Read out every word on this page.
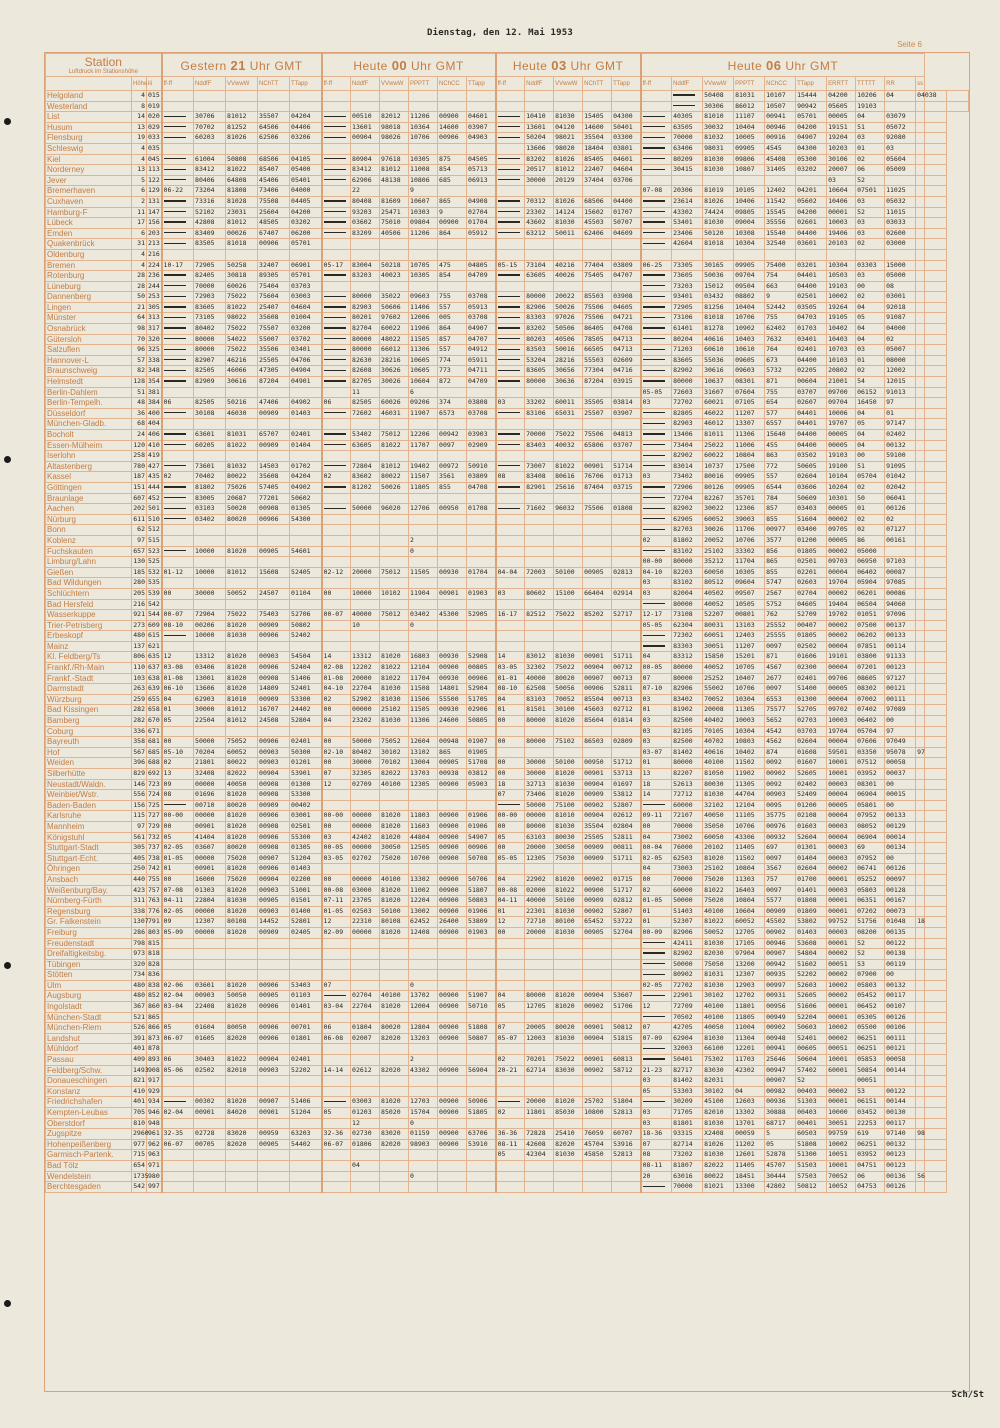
Dienstag, den 12. Mai 1953
Seite 6
Station
Luftdruck im Stationshöhe			Gestern 21 Uhr GMT					Heute 00 Uhr GMT						Heute 03 Uhr GMT					Heute 06 Uhr GMT											
	Höhe	iii	ff-ff	NddfF	VVwwW	NChTT	TTapp	ff-ff	NddfF	VVwwW	PPPTT	NChCC	TTapp	ff-ff	NddfF	VVwwW	NChTT	TTapp	ff-ff	NddfF	VVwwW	PPPTT	NChCC	TTapp	ERRTT	TTTTT	RR	ss		
Helgoland	4	015																			50408	81031	10107	15444	04200	10206	04	04038		
Westerland	8	019																			30306	86012	10507	90942	05605	19103				
List	14	020		30706	81012	35507	04204		00510	82012	11206	00900	04601		10410	81030	15405	04300		40305	81010	11107	00941	05701	00005	04	03079			
Husum	13	029		70702	81252	64506	04406		13601	98018	10364	14600	03907		13601	04120	14600	50401		63505	30032	10404	00946	04200	19151	51	05072			
Flensburg	19	033		60203	81026	62506	03206		00904	98026	10706	00906	04903		50204	98021	35504	03300		70000	81032	10005	00916	04907	19204	03	92080			
Schleswig	4	035													13606	98020	18404	03801		63406	98031	09905	4545	04300	10203	01	03			
Kiel	4	045		61004	50808	68506	04105		80904	97618	10305	875	04505		83202	81026	85405	04601		80209	81030	09806	45408	05300	30106	02	05604			
Norderney	13	113		83412	81022	85407	05400		83412	81012	11008	854	05713		20517	81012	22407	04604		30415	81030	10807	31405	03202	20007	06	05009			
Jever	5	122		80406	64808	45406	05401		62906	48138	10806	685	06913		30000	20129	37404	03706							03	52				
Bremerhaven	6	129	06-22	73204	81808	73406	04000		22		9								07-08	20306	81019	10105	12402	04201	10604	07501	11025			
Cuxhaven	2	131		73316	81028	75508	04405		80408	81609	10607	865	04908		70312	81026	68506	04400		23614	81026	10406	11542	05602	10406	03	05032			
Hamburg-F	11	147		52102	23031	25604	04200		93203	25471	10303	9	02704		23302	14124	15602	01707		43302	74424	09805	15545	04200	00001	52	11015			
Lübeck	17	156		42808	81012	48505	03202		03602	75010	09804	00900	01704		43602	81030	45503	50707		53401	81030	09004	35556	02601	10003	03	03033			
Emden	6	203		83409	00026	67407	06200		83209	40506	11206	864	05912		63212	50011	62406	04609		23406	50120	10308	15540	04400	19406	03	02600			
Quakenbrück	31	213		83505	81018	00906	05701													42604	81018	10304	32540	03601	20103	02	03000			
Oldenburg	4	216																												
Bremen	4	224	10-17	72905	50258	32407	06901	05-17	83004	50218	10705	475	04805	05-15	73104	40216	77404	03809	06-25	73305	30165	09905	75400	03201	10304	03303	15000			
Rotenburg	28	236		82405	30818	89305	05701		83203	40023	10305	854	04709		63605	40026	75405	04707		73605	50036	09704	754	04401	10503	03	05000			
Lüneburg	28	244		70000	60026	75404	03703													73203	15012	09504	663	04400	19103	00	08			
Dannenberg	50	253		72903	75022	75604	03003		80000	35022	09603	755	03708		80000	20022	85503	03908		93401	03432	08802	9	02501	10002	02	03001			
Lingen	21	305		83605	81022	25407	04604		82903	50606	11406	557	05913		82906	50026	75506	04605		72905	81256	10404	52442	03505	19264	04	92018			
Münster	64	313		73105	98022	35608	01004		80201	97602	12006	005	03708		83303	97026	75506	04721		73106	81018	10706	755	04703	19105	05	91087			
Osnabrück	98	317		80402	75022	75507	03200		82704	60022	11906	864	04907		83202	50506	86405	04708		61401	81278	10902	62402	01703	10402	04	04000			
Gütersloh	70	320		80000	54022	55007	03702		80000	48022	11505	857	04707		80203	40506	78505	04713		80204	40616	10403	7632	03401	10403	04	02			
Salzuflen	96	325		80000	75022	35506	03401		80000	66012	11306	557	04912		83503	50016	66505	04713		71203	60610	10610	764	02401	10703	03	05007			
Hannover-L	57	338		82907	46216	25505	04706		82630	28216	10605	774	05911		53204	28216	55503	02609		83605	55036	09605	673	04400	10103	01	08000			
Braunschweig	82	348		82505	46066	47305	04904		82608	30626	10605	773	04711		83605	30656	77304	04716		82902	30616	09603	5732	02205	20802	02	12002			
Helmstedt	128	354		82909	30616	87204	04901		82705	30026	10604	872	04709		80000	30636	87204	03915		80000	10637	08301	871	00604	21001	54	12015			
Berlin-Dahlem	51	381							11		6								05-05	72603	31607	07604	755	03707	09700	06152	91013			
Berlin-Tempelh.	48	384	06	82505	50216	47406	04902	06	82505	60026	09206	374	03808	03	33202	60011	35505	03814	03	72702	60021	07105	654	02607	09704	16450	97			
Düsseldorf	36	400		30108	46030	00909	01403		72602	46031	11907	6573	03708		83106	65031	25507	03907		82805	46022	11207	577	04401	10006	04	01			
München-Gladb.	68	404																		82903	46012	13307	6557	04401	19707	05	97147			
Bocholt	24	406		63601	81031	65707	02401		53402	75012	12206	00942	03903		70000	75022	75506	04813		13406	81011	11306	15640	04400	00005	04	02402			
Essen-Mülheim	120	410		60205	81022	00909	01404		63605	81022	11707	0097	02909		83403	40032	65806	03707		73404	25022	11006	455	04400	00005	04	00132			
Iserlohn	258	419																		82902	60022	10804	863	03502	19103	00	59100			
Altastenberg	780	427		73601	81032	14503	01702		72804	81012	19402	00972	50910		73007	81022	00901	51714		83014	10737	17500	772	50605	19100	51	91095			
Kassel	187	435	02	70402	80022	35608	04204	02	83602	80022	11507	3561	03809	08	83408	80616	76706	01713	03	73402	80016	09905	557	02604	10104	05704	01042			
Göttingen	151	444		81802	75026	57405	04902		81202	50026	11805	855	04708		82901	25616	87404	03715		72906	80126	09905	6544	03606	10204	02	02042			
Braunlage	607	452		83005	20687	77201	50602													72704	82267	35701	784	50609	10301	50	06041			
Aachen	202	501		03103	50020	00908	01305		50000	96020	12706	00950	01708		71602	96032	75506	01808		82902	30022	12306	857	03403	00005	01	00126			
Nürburg	611	510		03402	80020	00906	54300													62905	60052	39003	855	51604	00002	02	02			
Bonn	62	512																		82703	30026	11706	00977	03400	09705	02	07127			
Koblenz	97	515									2								02	81802	20052	10706	3577	01200	00005	86	00161			
Fuchskauten	657	523		10000	81020	00905	54601				0									83102	25102	33302	856	01805	00002	05000				
Limburg/Lahn	130	525																	00-00	80000	35212	11704	865	02501	09703	06950	97103			
Gießen	185	532	01-12	10000	81012	15608	52405	02-12	20000	75012	11505	00930	01704	04-04	72003	50100	00905	02813	04-10	82203	60050	10305	855	02201	00004	06402	00087			
Bad Wildungen	280	535																	03	83102	80512	09604	5747	02603	19704	05904	97085			
Schlüchtern	205	539	00	30000	50052	24507	01104	00	10000	10102	11904	00901	01903	03	80602	15100	66404	02914	03	82004	40502	09507	2567	02704	00002	06201	00086			
Bad Hersfeld	216	542																		80000	40052	10505	5752	04605	19404	06504	94060			
Wasserkuppe	921	544	00-07	72904	75022	75403	52706	00-07	40000	75012	03402	45300	52905	16-17	82512	75022	85202	52717	12-17	73108	52207	00801	762	52709	19702	01051	97096			
Trier-Petrisberg	273	609	08-10	00206	81020	00909	50802		10		0								05-05	62304	80031	13103	25552	00407	00002	07500	00137			
Erbeskopf	480	615		10000	81030	00906	52402													72302	60051	12403	25555	01805	00002	06202	00133			
Mainz	137	621																		83303	30051	11207	0097	02502	00004	07851	00114			
Kl. Feldberg/Ts	806	635	12	13312	81020	00903	54504	14	13312	81020	16803	00930	52908	14	83012	81030	00901	51711	04	83312	15850	15201	871	01606	19101	03800	91133			
Frankf./Rh-Main	110	637	03-08	03406	81020	00906	52404	02-08	12202	81022	12104	00900	00805	03-05	32302	75022	00904	00712	00-05	80000	40052	10705	4567	02300	00004	07201	00123			
Frankf.-Stadt	103	638	01-08	13001	81020	00908	51406	01-08	20000	81022	11704	00930	00906	01-01	40000	80020	00907	00713	07	80000	25252	10407	2677	02401	09706	08605	97127			
Darmstadt	263	639	06-10	13606	81020	14809	52401	04-10	22704	81030	11508	14801	52904	08-10	62508	50056	00906	52811	07-10	82906	55002	10706	0097	51400	00005	08302	00121			
Würzburg	259	655	04	62903	81010	00909	53300	02	52902	81030	11506	55500	51705	04	83103	70052	85504	00713	03	83402	70052	10304	6553	01300	00004	07002	00111			
Bad Kissingen	282	658	01	30000	81012	16707	24402	00	00000	25102	11505	00930	02906	01	81501	30100	45603	02712	01	81902	20008	11305	75577	52705	09702	07402	97089			
Bamberg	282	670	05	22504	81012	24508	52804	04	23202	81030	11306	24600	50805	00	80000	81020	85604	01814	03	82500	40402	10003	5652	02703	10003	06402	00			
Coburg	336	671																	03	82105	70105	10304	4542	03703	19704	05704	97			
Bayreuth	358	681	00	50000	75052	00906	02401	00	50000	75052	12604	00948	01907	00	80000	75102	86503	02809	03	82500	40702	10803	4562	02604	00004	07606	97049			
Hof	567	685	05-10	70204	60052	00903	50300	02-10	80402	30102	13102	865	01905						03-07	81402	40616	10402	874	01608	59501	03350	95078	97		
Weiden	396	688	02	21801	80022	00903	01201	00	30000	70102	13004	00905	51708	00	30000	50100	00950	51712	01	80000	40100	11502	0092	01607	10001	07512	00058			
Silberhütte	829	692	13	32408	82022	00904	53901	07	32305	82022	13703	00938	03812	00	30000	81020	00901	53713	13	82207	81050	11902	00902	52605	10001	03952	00037			
Neustadt/Waldn.	146	723	09	00000	40050	00908	01300	12	02709	40100	12305	00900	05903	18	32713	81030	00904	01697	18	52613	80030	11305	0092	02402	00003	08301	00			
Weinbiet/Wstr.	556	724	08	01696	81020	00908	53300							07	73406	81020	00909	53812	14	72712	81030	44704	00903	52409	00004	06904	00015			
Baden-Baden	156	725		00710	80020	00909	00402								50000	75100	00902	52807		60000	32102	12104	0095	01200	00005	05801	00			
Karlsruhe	115	727	00-00	00000	81020	00906	03001	00-00	00000	81020	11803	00900	01906	00-00	00000	81010	00904	02612	09-11	72107	40050	11105	35775	02108	00004	07952	00133			
Mannheim	97	729	00	00901	81020	00908	02501	00	00000	81020	11603	00900	01906	00	80000	81030	35504	02804	00	70000	35050	10706	00976	01603	00003	08052	00129			
Königstuhl	561	732	05	41404	81020	00906	55300	03	42402	81020	44804	00900	54907	05	63103	80030	25505	52811	04	73002	60050	43306	00932	52604	00004	06904	00014			
Stuttgart-Stadt	305	737	02-05	03607	80020	00908	01305	00-05	00000	30050	12505	00900	00906	00	20000	30050	00909	00811	00-04	76000	20102	11405	697	01301	00003	69	00134			
Stuttgart-Echt.	405	738	01-05	00000	75020	00907	51204	03-05	02702	75020	10700	00900	50708	05-05	12305	75030	00909	51711	02-05	62503	81020	11502	0097	01404	00003	07952	00			
Öhringen	250	742	01	00901	81020	00906	01403												04	73003	25102	10804	3567	02604	00002	06741	00126			
Ansbach	440	755	00	16000	75020	00904	02200	00	00000	40100	13302	00900	50706	04	22902	81020	00902	01715	00	70000	75020	11303	757	01700	00001	05252	00097			
Weißenburg/Bay.	423	757	07-08	01303	81020	00903	51001	00-08	03000	81020	11002	00900	51807	00-08	02000	81022	00900	51717	02	60000	81022	16403	0097	01401	00003	05803	00128			
Nürnberg-Fürth	311	763	04-11	22804	81030	00905	01501	07-11	23705	81020	12204	00900	50803	04-11	40000	50100	00909	02812	01-05	50000	75020	10804	5577	01808	00001	06351	00167			
Regensburg	338	776	02-05	00000	81020	00903	01400	01-05	02503	50100	13002	00900	01906	01	22301	81030	00902	52807	01	51403	40100	10604	00909	01809	00001	07202	00073			
Gr. Falkenstein	1307	791	09	12307	80108	14452	52801	12	22310	80108	62452	26400	53809	12	72710	80100	65452	53722	01	52307	81022	60052	45502	53802	99752	51756	01048	18		
Freiburg	286	803	05-09	00000	81020	00909	02405	02-09	00000	81020	12408	00900	01903	00	20000	81030	00905	52704	00-09	82906	50052	12705	00902	01403	00003	08200	00135			
Freudenstadt	798	815																		42411	81030	17105	00946	53608	00001	52	00122			
Dreifaltigkeitsbg.	973	818																		82902	82030	97904	00907	54804	00002	52	00138			
Tübingen	320	828																		50000	75050	13200	00942	51602	00051	53	00119			
Stötten	734	836																		80902	81031	12307	00935	52202	00002	07900	00			
Ulm	480	838	02-06	03601	81020	00906	53403	07			0								02-05	72702	81030	12903	00997	52603	10002	05803	00132			
Augsburg	480	852	02-04	00903	50050	00905	01103		02704	40100	13702	00900	51907	04	80000	81020	00904	53607		22901	30102	12702	00931	52605	00002	05452	00117			
Ingolstadt	367	860	03-04	22408	81020	00906	01401	03-04	22704	81020	12004	00900	50710	05	12705	81020	00902	51706	12	72709	40100	11801	00956	51606	00001	06452	00107			
München-Stadt	521	865																		70502	40100	11805	00949	52204	00001	05305	00126			
München-Riem	526	866	05	01604	80050	00906	00701	06	01804	80020	12804	00900	51808	07	20005	80020	00901	50812	07	42705	40050	11004	00902	50603	10002	05500	00106			
Landshut	391	873	06-07	01605	82020	00906	01801	06-08	02007	82020	13203	00900	50807	05-07	12003	81030	00904	51815	07-09	62904	81030	11304	00948	52401	00002	06251	00111			
Mühldorf	401	878																		32003	66100	12201	00941	00605	00051	06251	00121			
Passau	409	893	06	30403	81022	00904	02401				2			02	70201	75022	00901	60813		50401	75302	11703	25646	50604	10001	05853	00058			
Feldberg/Schw.	1493	908	05-06	02502	82010	00903	52202	14-14	02612	82020	43302	00900	56904	20-21	62714	83030	00902	58712	21-23	82717	83030	42302	00947	57402	60001	50854	00144			
Donaueschingen	821	917																	03	81402	82031		00907	52		00051				
Konstanz	410	929																	05	53303	30102	04	00982	00403	00002	53	00122			
Friedrichshafen	401	934		00302	81020	00907	51406		03003	81020	12703	00900	50906		20000	81020	25702	51804		30209	45100	12603	00936	51303	00001	06151	00144			
Kempten-Leubas	705	946	02-04	00901	84020	00901	51204	05	01203	85020	15704	00900	51805	02	11801	85030	10800	52813	03	71705	82010	13302	30888	00403	10000	03452	00130			
Oberstdorf	810	948							12		0								03	81801	81030	13701	68717	00401	30051	22253	00117			
Zugspitze	2960	961	32-35	02728	83020	00959	63203	32-36	02730	83020	01159	00900	63706	36-36	72828	25410	76059	60707	18-36	93315	X2408	00059	5	60503	99759	619	97140	98		
Hohenpeißenberg	977	962	06-07	00705	82020	00905	54402	06-07	01806	82020	98903	00900	53910	08-11	42608	82020	45704	53916	07	82714	81026	11202	05	51808	10002	06251	00132			
Garmisch-Partenk.	715	963												05	42304	81030	45850	52813	08	73202	81030	12601	52878	51300	10051	03952	00123			
Bad Tölz	654	971							04										08-11	81807	82022	11405	45707	51503	10001	04751	00123			
Wendelstein	1735	980									0								20	63016	80022	18451	30444	57503	70052	06	00136	56		
Berchtesgaden	542	997																		70000	81021	13300	42802	50812	10052	04753	00126			
Sch/St
